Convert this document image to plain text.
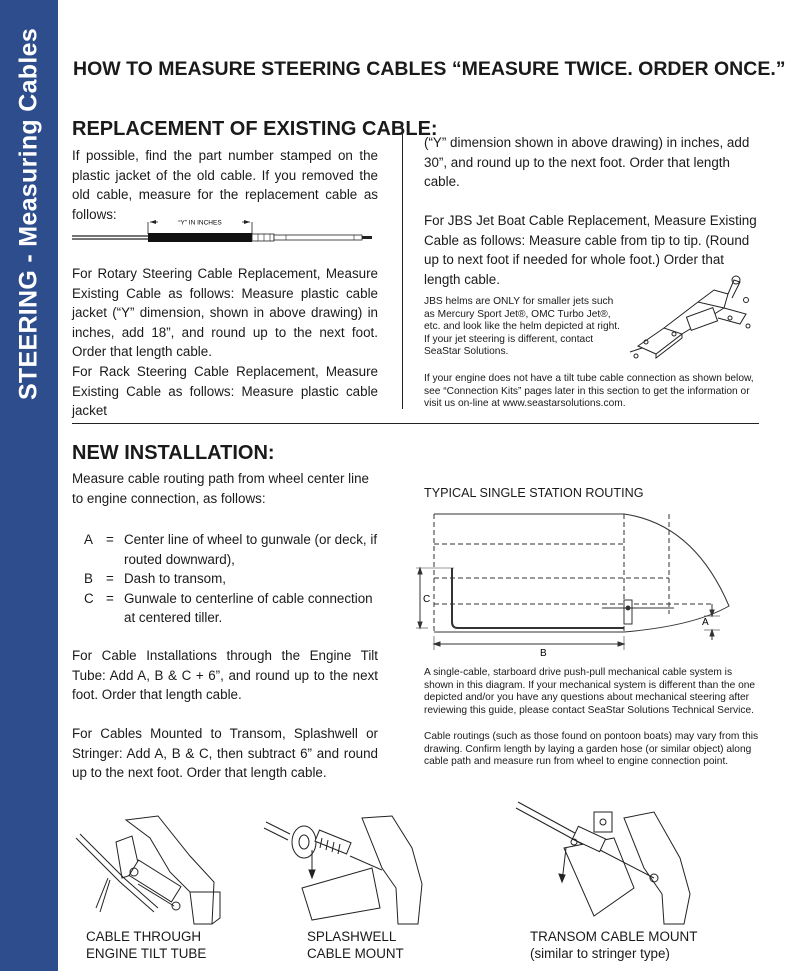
STEERING - Measuring Cables HOW TO MEASURE STEERING CABLES “MEASURE TWICE. ORDER ONCE.”
REPLACEMENT OF EXISTING CABLE:
If possible, find the part number stamped on the plastic jacket of the old cable. If you removed the old cable, measure for the replacement cable as follows:
“Y” IN INCHES
For Rotary Steering Cable Replacement, Measure Existing Cable as follows: Measure plastic cable jacket (“Y” dimension, shown in above drawing) in inches, add 18”, and round up to the next foot. Order that length cable.
For Rack Steering Cable Replacement, Measure Existing Cable as follows: Measure plastic cable jacket
(“Y” dimension shown in above drawing) in inches, add 30”, and round up to the next foot. Order that length cable.
For JBS Jet Boat Cable Replacement, Measure Existing Cable as follows: Measure cable from tip to tip. (Round up to next foot if needed for whole foot.) Order that length cable.
JBS helms are ONLY for smaller jets such as Mercury Sport Jet®, OMC Turbo Jet®, etc. and look like the helm depicted at right. If your jet steering is different, contact SeaStar Solutions.
If your engine does not have a tilt tube cable connection as shown below, see “Connection Kits” pages later in this section to get the information or visit us on-line at www.seastarsolutions.com.
NEW INSTALLATION:
Measure cable routing path from wheel center line to engine connection, as follows:
A = Center line of wheel to gunwale (or deck, if routed downward),
B = Dash to transom,
C = Gunwale to centerline of cable connection at centered tiller.
For Cable Installations through the Engine Tilt Tube: Add A, B & C + 6”, and round up to the next foot. Order that length cable.
For Cables Mounted to Transom, Splashwell or Stringer: Add A, B & C, then subtract 6” and round up to the next foot. Order that length cable.
TYPICAL SINGLE STATION ROUTING
C
B
A
A single-cable, starboard drive push-pull mechanical cable system is shown in this diagram. If your mechanical system is different than the one depicted and/or you have any questions about mechanical steering after reviewing this guide, please contact SeaStar Solutions Technical Service.
Cable routings (such as those found on pontoon boats) may vary from this drawing. Confirm length by laying a garden hose (or similar object) along cable path and measure run from wheel to engine connection point.
CABLE THROUGH
ENGINE TILT TUBE
SPLASHWELL
CABLE MOUNT
TRANSOM CABLE MOUNT
(similar to stringer type)
